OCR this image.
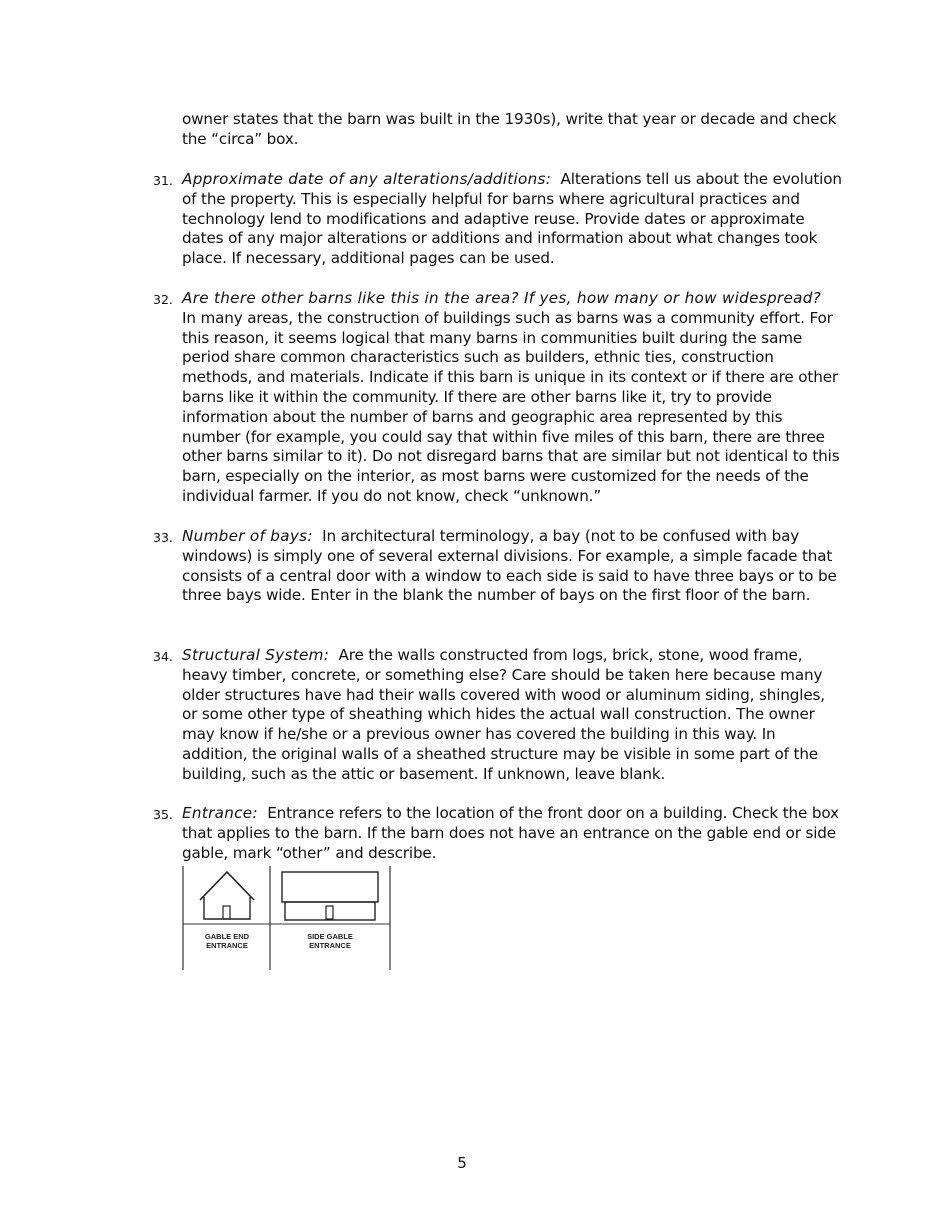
owner states that the barn was built in the 1930s), write that year or decade and check the “circa” box.

31. Approximate date of any alterations/additions: Alterations tell us about the evolution of the property. This is especially helpful for barns where agricultural practices and technology lend to modifications and adaptive reuse. Provide dates or approximate dates of any major alterations or additions and information about what changes took place. If necessary, additional pages can be used.

32. Are there other barns like this in the area? If yes, how many or how widespread?  In many areas, the construction of buildings such as barns was a community effort. For this reason, it seems logical that many barns in communities built during the same period share common characteristics such as builders, ethnic ties, construction methods, and materials. Indicate if this barn is unique in its context or if there are other barns like it within the community. If there are other barns like it, try to provide information about the number of barns and geographic area represented by this number (for example, you could say that within five miles of this barn, there are three other barns similar to it). Do not disregard barns that are similar but not identical to this barn, especially on the interior, as most barns were customized for the needs of the individual farmer. If you do not know, check “unknown.”

33. Number of bays: In architectural terminology, a bay (not to be confused with bay windows) is simply one of several external divisions. For example, a simple facade that consists of a central door with a window to each side is said to have three bays or to be three bays wide. Enter in the blank the number of bays on the first floor of the barn.

34. Structural System: Are the walls constructed from logs, brick, stone, wood frame, heavy timber, concrete, or something else? Care should be taken here because many older structures have had their walls covered with wood or aluminum siding, shingles, or some other type of sheathing which hides the actual wall construction. The owner may know if he/she or a previous owner has covered the building in this way. In addition, the original walls of a sheathed structure may be visible in some part of the building, such as the attic or basement. If unknown, leave blank.

35. Entrance: Entrance refers to the location of the front door on a building. Check the box that applies to the barn. If the barn does not have an entrance on the gable end or side gable, mark “other” and describe.

GABLE END
ENTRANCE
SIDE GABLE
ENTRANCE
5
